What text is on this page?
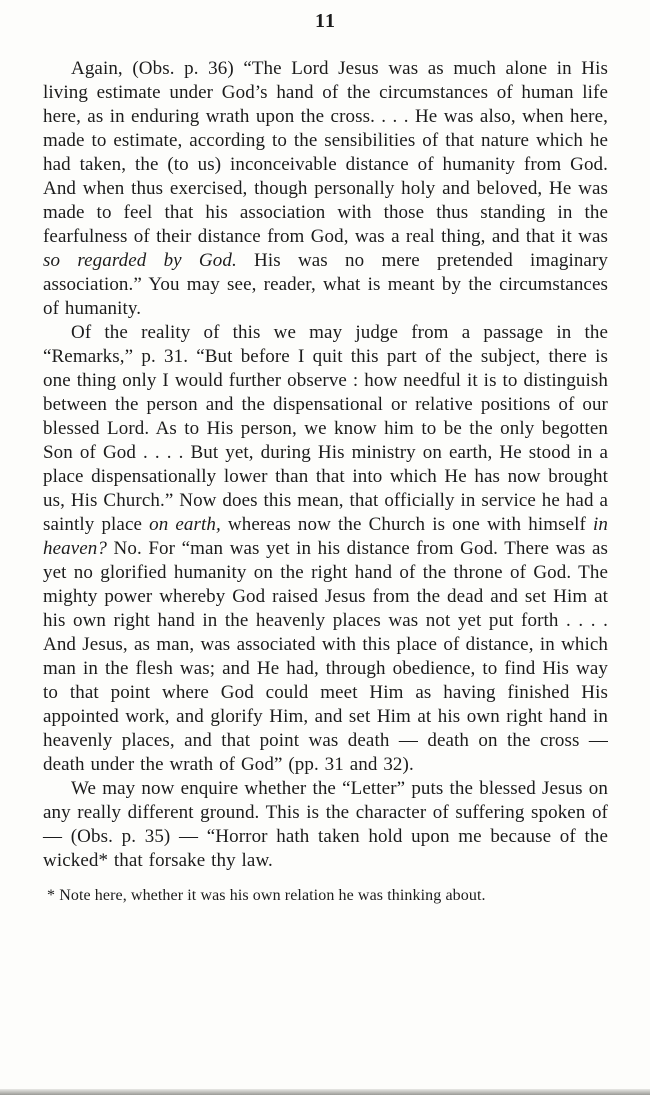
11

Again, (Obs. p. 36) “The Lord Jesus was as much alone in His living estimate under God’s hand of the circumstances of human life here, as in enduring wrath upon the cross. . . . He was also, when here, made to estimate, according to the sensibilities of that nature which he had taken, the (to us) inconceivable distance of humanity from God. And when thus exercised, though personally holy and beloved, He was made to feel that his association with those thus standing in the fearfulness of their distance from God, was a real thing, and that it was so regarded by God. His was no mere pretended imaginary association.” You may see, reader, what is meant by the circumstances of humanity.

Of the reality of this we may judge from a passage in the “Remarks,” p. 31. “But before I quit this part of the subject, there is one thing only I would further observe : how needful it is to distinguish between the person and the dispensational or relative positions of our blessed Lord. As to His person, we know him to be the only begotten Son of God . . . . But yet, during His ministry on earth, He stood in a place dispensationally lower than that into which He has now brought us, His Church.” Now does this mean, that officially in service he had a saintly place on earth, whereas now the Church is one with himself in heaven? No. For “man was yet in his distance from God. There was as yet no glorified humanity on the right hand of the throne of God. The mighty power whereby God raised Jesus from the dead and set Him at his own right hand in the heavenly places was not yet put forth . . . . And Jesus, as man, was associated with this place of distance, in which man in the flesh was; and He had, through obedience, to find His way to that point where God could meet Him as having finished His appointed work, and glorify Him, and set Him at his own right hand in heavenly places, and that point was death — death on the cross — death under the wrath of God” (pp. 31 and 32).

We may now enquire whether the “Letter” puts the blessed Jesus on any really different ground. This is the character of suffering spoken of — (Obs. p. 35) — “Horror hath taken hold upon me because of the wicked* that forsake thy law.

* Note here, whether it was his own relation he was thinking about.
